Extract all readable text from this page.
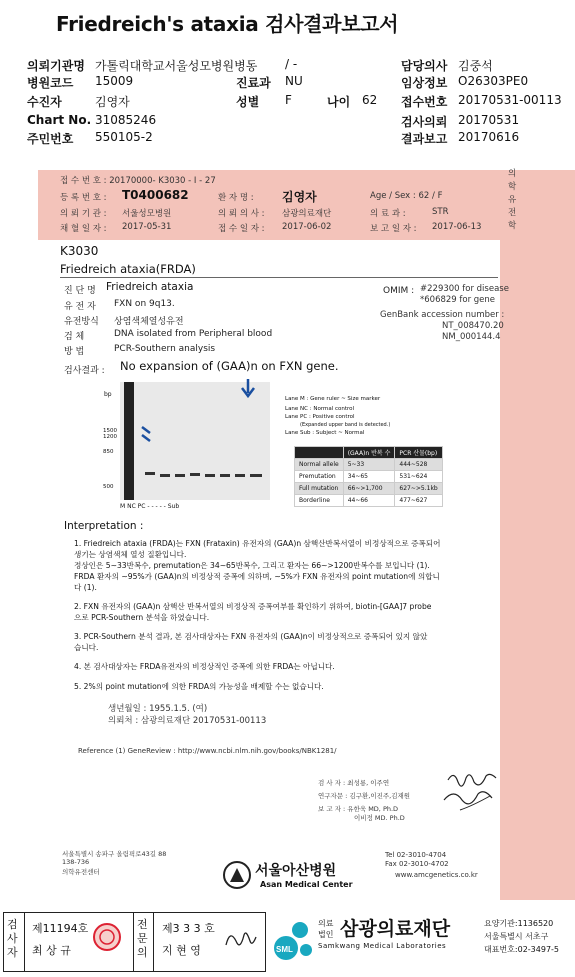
Friedreich's ataxia 검사결과보고서
의뢰기관명 가톨릭대학교서울성모병원병동 / -	담당의사 김중석
병원코드 15009	진료과 NU	임상정보 O26303PE0
수진자	김영자	성별 F	나이 62 접수번호 20170531-00113
Chart No. 31085246	검사의뢰 20170531
주민번호 550105-2	결과보고 20170616
접 수 번 호 : 20170000- K3030 - I - 27
등 록 번 호 : T0400682	환 자 명 : 김영자	Age / Sex : 62 / F
의 뢰 기 관 : 서울성모병원	의 뢰 의 사 : 삼광의료재단	의 료 과 :	STR
채 혈 일 자 : 2017-05-31	접 수 일 자 : 2017-06-02	보 고 일 자 : 2017-06-13
의학유전학
K3030
Friedreich ataxia(FRDA)
진 단 명 Friedreich ataxia
유 전 자 FXN on 9q13.
유전방식 상염색체열성유전
검 체	DNA isolated from Peripheral blood
방 법	PCR-Southern analysis
OMIM : #229300 for disease
*606829 for gene
GenBank accession number :
NT_008470.20
NM_000144.4
검사결과 : No expansion of (GAA)n on FXN gene.
bp
1500
1200
850
500
M NC PC - - - - - Sub
Lane M : Gene ruler ~ Size marker
Lane NC : Normal control
Lane PC : Positive control
(Expanded upper band is detected.)
Lane Sub : Subject ~ Normal
	(GAA)n 반복 수	PCR 산물(bp)
Normal allele	5~33	444~528
Premutation	34~65	531~624
Full mutation	66~>1,700	627~>5.1kb
Borderline	44~66	477~627
Interpretation :
1. Friedreich ataxia (FRDA)는 FXN (Frataxin) 유전자의 (GAA)n 삼핵산반복서열이 비정상적으로 증폭되어
생기는 상염색체 열성 질환입니다.
정상인은 5~33반복수, premutation은 34~65반복수, 그리고 환자는 66~>1200반복수를 보입니다 (1).
FRDA 환자의 ~95%가 (GAA)n의 비정상적 증폭에 의하며, ~5%가 FXN 유전자의 point mutation에 의합니
다 (1).
2. FXN 유전자의 (GAA)n 삼핵산 반복서열의 비정상적 증폭여부를 확인하기 위하여, biotin-[GAA]7 probe
으로 PCR-Southern 분석을 하였습니다.
3. PCR-Southern 분석 결과, 본 검사대상자는 FXN 유전자의 (GAA)n이 비정상적으로 증폭되어 있지 않았
습니다.
4. 본 검사대상자는 FRDA유전자의 비정상적인 증폭에 의한 FRDA는 아닙니다.
5. 2%의 point mutation에 의한 FRDA의 가능성을 배제할 수는 없습니다.
생년월일 : 1955.1.5. (여)
의뢰처 : 삼광의료재단 20170531-00113
Reference (1) GeneReview : http://www.ncbi.nlm.nih.gov/books/NBK1281/
검 사 자 : 최성룡, 이주연
연구자문 : 김구환,이진주,김재원
보 고 자 : 유한욱 MD, Ph.D
이비정 MD. Ph.D
서울특별시 송파구 올림픽로43길 88
138-736
의학유전센터	서울아산병원
Asan Medical Center
Tel 02-3010-4704
Fax 02-3010-4702
www.amcgenetics.co.kr
검사자
제11194호
최 상 규
전문의
제3 3 3 호
지 현 영	SML
의료
법인 삼광의료재단
Samkwang Medical Laboratories
요양기관:1136520
서울특별시 서초구
대표번호:02-3497-5
